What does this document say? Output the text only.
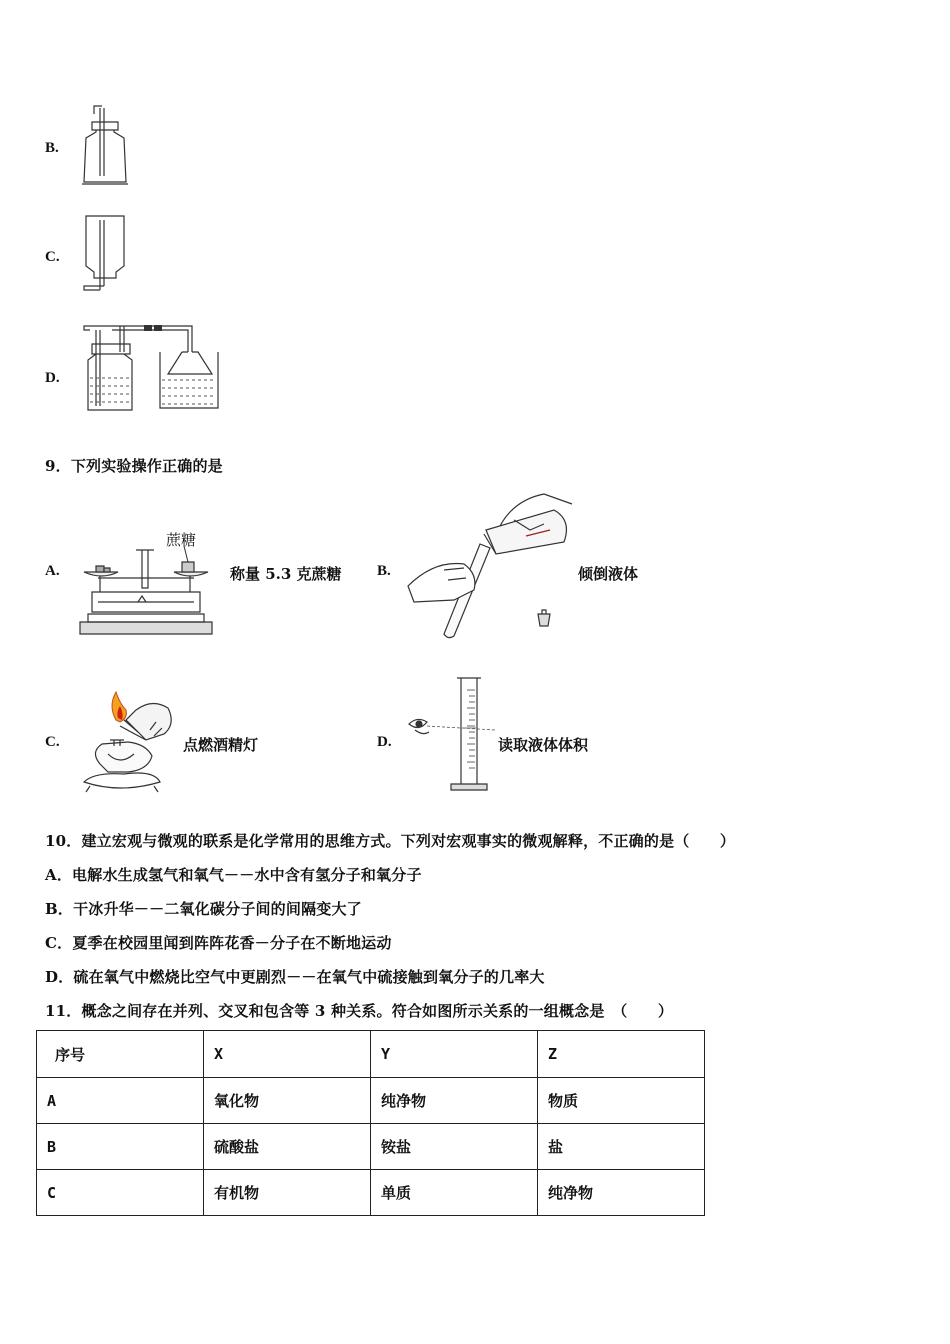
B.
C.
D.
9．下列实验操作正确的是
A.
蔗糖
称量 5.3 克蔗糖 B.	倾倒液体
C.	点燃酒精灯	D.	读取液体体积
10．建立宏观与微观的联系是化学常用的思维方式。下列对宏观事实的微观解释，不正确的是（　　）
A．电解水生成氢气和氧气－－水中含有氢分子和氧分子
B．干冰升华－－二氧化碳分子间的间隔变大了
C．夏季在校园里闻到阵阵花香－分子在不断地运动
D．硫在氧气中燃烧比空气中更剧烈－－在氧气中硫接触到氧分子的几率大
11．概念之间存在并列、交叉和包含等 3 种关系。符合如图所示关系的一组概念是　（　　）
序号	X	Y	Z
A	氧化物	纯净物	物质
B	硫酸盐	铵盐	盐
C	有机物	单质	纯净物
